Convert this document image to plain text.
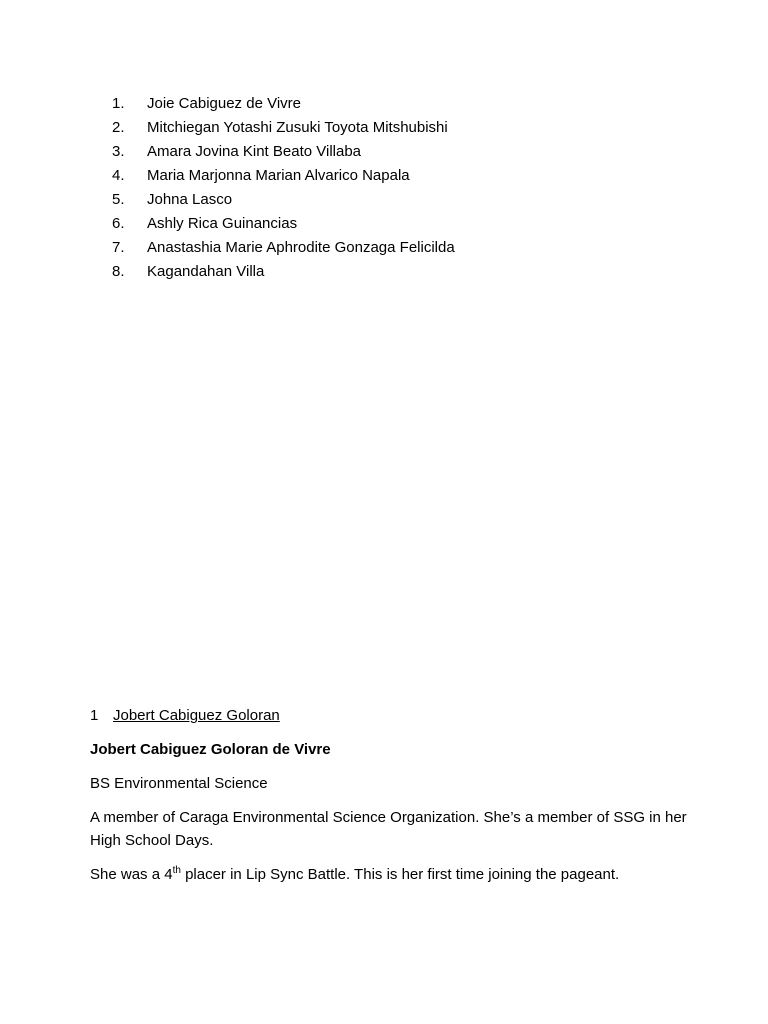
1.	Joie Cabiguez de Vivre
2.	Mitchiegan Yotashi Zusuki Toyota Mitshubishi
3.	Amara Jovina Kint Beato Villaba
4.	Maria Marjonna Marian Alvarico Napala
5.	Johna Lasco
6.	Ashly Rica Guinancias
7.	Anastashia Marie Aphrodite Gonzaga Felicilda
8.	Kagandahan Villa

1 Jobert Cabiguez Goloran

Jobert Cabiguez Goloran de Vivre

BS Environmental Science

A member of Caraga Environmental Science Organization. She’s a member of SSG in her High School Days.

She was a 4th placer in Lip Sync Battle. This is her first time joining the pageant.
